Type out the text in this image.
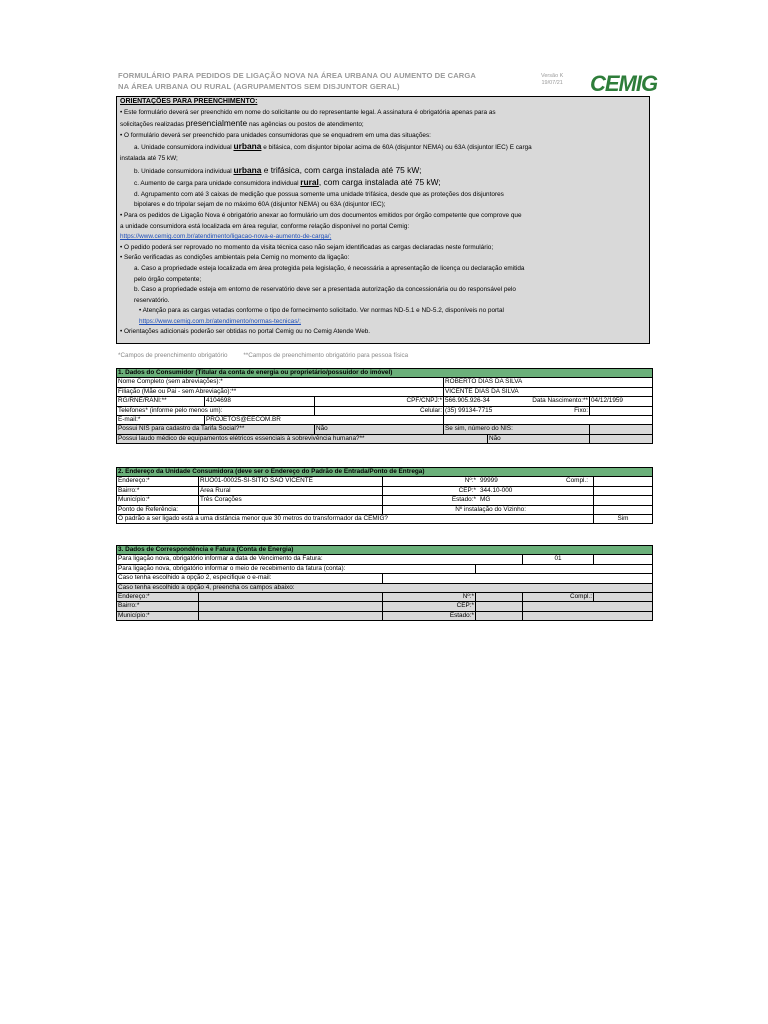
FORMULÁRIO PARA PEDIDOS DE LIGAÇÃO NOVA NA ÁREA URBANA OU AUMENTO DE CARGA
NA ÁREA URBANA OU RURAL (AGRUPAMENTOS SEM DISJUNTOR GERAL)
Versão K
19/07/21 CEMIG

ORIENTAÇÕES PARA PREENCHIMENTO:

• Este formulário deverá ser preenchido em nome do solicitante ou do representante legal. A assinatura é obrigatória apenas para as

solicitações realizadas presencialmente nas agências ou postos de atendimento;

• O formulário deverá ser preenchido para unidades consumidoras que se enquadrem em uma das situações:

a. Unidade consumidora individual urbana e bifásica, com disjuntor bipolar acima de 60A (disjuntor NEMA) ou 63A (disjuntor IEC) E carga

instalada até 75 kW;

b. Unidade consumidora individual urbana e trifásica, com carga instalada até 75 kW;

c. Aumento de carga para unidade consumidora individual rural, com carga instalada até 75 kW;

d. Agrupamento com até 3 caixas de medição que possua somente uma unidade trifásica, desde que as proteções dos disjuntores

bipolares e do tripolar sejam de no máximo 60A (disjuntor NEMA) ou 63A (disjuntor IEC);

• Para os pedidos de Ligação Nova é obrigatório anexar ao formulário um dos documentos emitidos por órgão competente que comprove que

a unidade consumidora está localizada em área regular, conforme relação disponível no portal Cemig:

https://www.cemig.com.br/atendimento/ligacao-nova-e-aumento-de-carga/;

• O pedido poderá ser reprovado no momento da visita técnica caso não sejam identificadas as cargas declaradas neste formulário;

• Serão verificadas as condições ambientais pela Cemig no momento da ligação:

a. Caso a propriedade esteja localizada em área protegida pela legislação, é necessária a apresentação de licença ou declaração emitida

pelo órgão competente;

b. Caso a propriedade esteja em entorno de reservatório deve ser a presentada autorização da concessionária ou do responsável pelo

reservatório.

• Atenção para as cargas vetadas conforme o tipo de fornecimento solicitado. Ver normas ND-5.1 e ND-5.2, disponíveis no portal

https://www.cemig.com.br/atendimento/normas-tecnicas/;

• Orientações adicionais poderão ser obtidas no portal Cemig ou no Cemig Atende Web.

*Campos de preenchimento obrigatório	**Campos de preenchimento obrigatório para pessoa física
1. Dados do Consumidor (Titular da conta de energia ou proprietário/possuidor do imóvel)					
Nome Completo (sem abreviações):*			ROBERTO DIAS DA SILVA		
Filiação (Mãe ou Pai - sem Abreviação):**			VICENTE DIAS DA SILVA		
RG/RNE/RANI:**	4104698	CPF/CNPJ:*	566.905.926-34 Data Nascimento:**		04/12/1959
Telefones* (informe pelo menos um):		Celular:	(35) 99134-7715 Fixo:		

E-mail:*	PROJETOS@EECOM.BR				
Possui NIS para cadastro da Tarifa Social?**		Não	Se sim, número do NIS:		
Possui laudo médico de equipamentos elétricos essenciais à sobrevivência humana?**				Não	
2. Endereço da Unidade Consumidora (deve ser o Endereço do Padrão de Entrada/Ponto de Entrega)			
Endereço:*	RUO01-00025-SI-SITIO SÃO VICENTE	Nº:* 99999 Compl.:	
Bairro:*	Área Rural	CEP:* 344.10-000	
Município:*	Três Corações	Estado:* MG	
Ponto de Referência:		Nº instalação do Vizinho:	
O padrão a ser ligado está a uma distância menor que 30 metros do transformador da CEMIG?			Sim
3. Dados de Correspondência e Fatura (Conta de Energia)					
Para ligação nova, obrigatório informar a data de Vencimento da Fatura:				01	
Para ligação nova, obrigatório informar o meio de recebimento da fatura (conta):					
Caso tenha escolhido a opção 2, especifique o e-mail:					
Caso tenha escolhido a opção 4, preencha os campos abaixo:					
Endereço:*		Nº:*		Compl.:	
Bairro:*		CEP:*			
Município:*		Estado:*			
